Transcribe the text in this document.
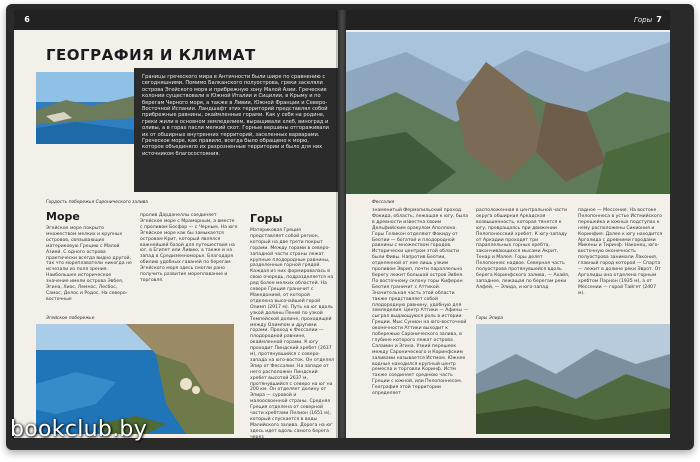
6
ГЕОГРАФИЯ И КЛИМАТ
Границы греческого мира в Античности были шире по сравнению с сегодняшними. Помимо Балканского полуострова, греки заселяли острова Эгейского моря и прибрежную зону Малой Азии. Греческие колонии существовали в Южной Италии и Сицилии, в Крыму и по берегам Черного моря, а также в Ливии, Южной Франции и Северо-Восточной Испании. Ландшафт этих территорий представлял собой прибрежные равнины, окаймленные горами. Как у себя на родине, греки жили в основном земледелием, выращивали хлеб, виноград и оливы, а в горах пасли мелкий скот. Горные вершины отгораживали их от обширных внутренних территорий, заселенных варварами. Греческое море, как правило, всегда было обращено к морю, которое объединяло их разрозненные территории и было для них источником благосостояния.
Гордость побережья Саронического залива
Море
Эгейское море покрыто множеством мелких и крупных островов, связывающих материковую Грецию с Малой Азией. С одного острова практически всегда видно другой, так что мореплаватели никогда не исчезали из поля зрения. Наибольшее историческое значение имели острова Эвбея, Эгина, Хиос, Лемнос, Лесбос, Самос, Делос и Родос. На северо-восточные
пролив Дарданеллы соединяет Эгейское море с Мраморным, а вместе с проливом Босфор — с Черным. На юге Эгейское море как бы замыкается островом Крит, который являлся важнейшей базой для путешествия на юг, в Египет или Ливию, а также и на запад в Средиземноморье. Благодаря обилию удобных гаваней по берегам Эгейского моря здесь смогли рано получить развитие мореплавание и торговля.
Эгейское побережье
Горы
Материковая Греция представляет собой регион, который на две трети покрыт горами. Между горами в северо-западной части страны лежат крупные плодородные равнины, разделенные горной грядой. Каждая из них формировалась в свою очередь, подразделяется на ряд более мелких областей. На севере Греция граничит с Македонией, от которой отделена высочайшей горой Олимп (2917 м). Путь на юг вдоль узкой долины Пеней по узкой Темпейской долине, проходящей между Олимпом и другими горами. Проход к Фессалии — плодородной равнине, окаймленной горами. К югу проходит Пиндский хребет (2637 м), протянувшийся с северо-запада на юго-восток. Он отделял Эпир от Фессалии. На западе от него расположен Пиндский хребет высотой 2637 м, протянувшийся с северо на юг на 200 км. Он отделяет долину от Эпира — суровой и малоосвоенной страны. Средняя Греция отделена от северной части хребтами Пелион (1651 м), который спускается в воды Малийского залива. Дорога на юг здесь идет вдоль самого берега через
Горы 7
Фессалия
знаменитый Фермопильский проход. Фокида, область, лежащая к югу, была в древности известна своим Дельфийским оракулом Аполлона. Горы Геликон отделяют Фокиду от Беотии — богатой и плодородной равнины с множеством городов. Исторически центром этой области были Фивы. Напротив Беотии, отделенной от нее лишь узким проливом Эврип, почти параллельно берегу лежит большой остров Эвбея. По восточному склону горы Киферон Беотия граничит с Аттикой. Значительная часть этой области также представляет собой плодородную равнину, удобную для земледелия. Центр Аттики — Афины — сыграл выдающуюся роль в истории Греции. Мыс Сунион на юго-восточной оконечности Аттики выходит к побережью Саронического залива, в глубине которого лежат острова Саламин и Эгина. Узкий перешеек между Саронического и Коринфским заливами называется Истмом. Южнее водные находился крупный центр ремесла и торговли Коринф. Истм также соединяет среднюю часть Греции с южной, или Пелопоннесом. География этой территории определяет
расположенная в центральной части округа обширная Аркадская возвышенность, которая тянется к югу, превращаясь при движении Пелопонесский хребет. К югу-западу от Аркадии проходят три параллельных горных хребта, заканчивающихся мысами Акрит, Тенар и Малея. Горы делят Пелопоннес надвое. Северная часть полуострова протянувшейся вдоль берега Коринфского залива, — Ахайя, западнее, лежащая по берегам реки Алфей, — Элида, и юго-запад
Горы Эпира
падное — Мессения. На востоке Пелопоннеса в устье Истмийского перешейка и южных подступах к нему расположены Сикиония и Коринфия. Далее к югу находится Арголида с древними городами Микены и Тиринф. Наконец, юго-восточную оконечность полуострова занимали Лакония, главный город которой — Спарта — лежит в долине реки Эврот. От Арголиды она отделена горным хребтом Парнон (1935 м), а от Мессении — горой Тайгет (2407 м).
bookclub.by
